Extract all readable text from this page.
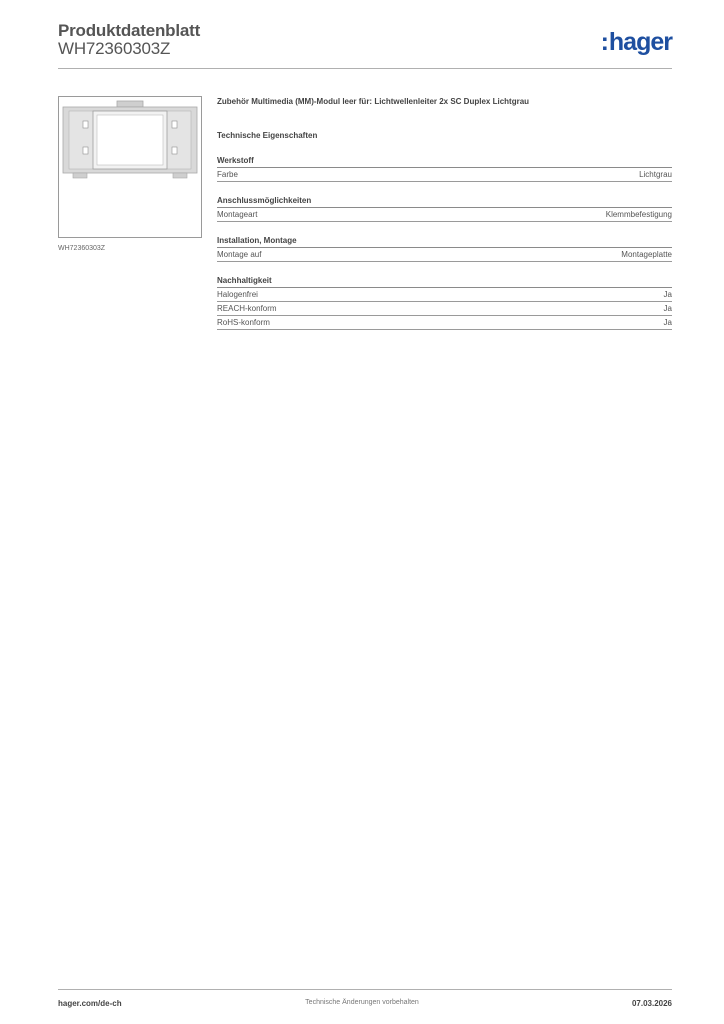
Produktdatenblatt
WH72360303Z	: hager
WH72360303Z
Zubehör Multimedia (MM)-Modul leer für: Lichtwellenleiter 2x SC Duplex Lichtgrau
Technische Eigenschaften
Werkstoff
Farbe	Lichtgrau
Anschlussmöglichkeiten
Montageart	Klemmbefestigung
Installation, Montage
Montage auf	Montageplatte
Nachhaltigkeit
Halogenfrei	Ja
REACH-konform	Ja
RoHS-konform	Ja
hager.com/de-ch	Technische Änderungen vorbehalten	07.03.2026
